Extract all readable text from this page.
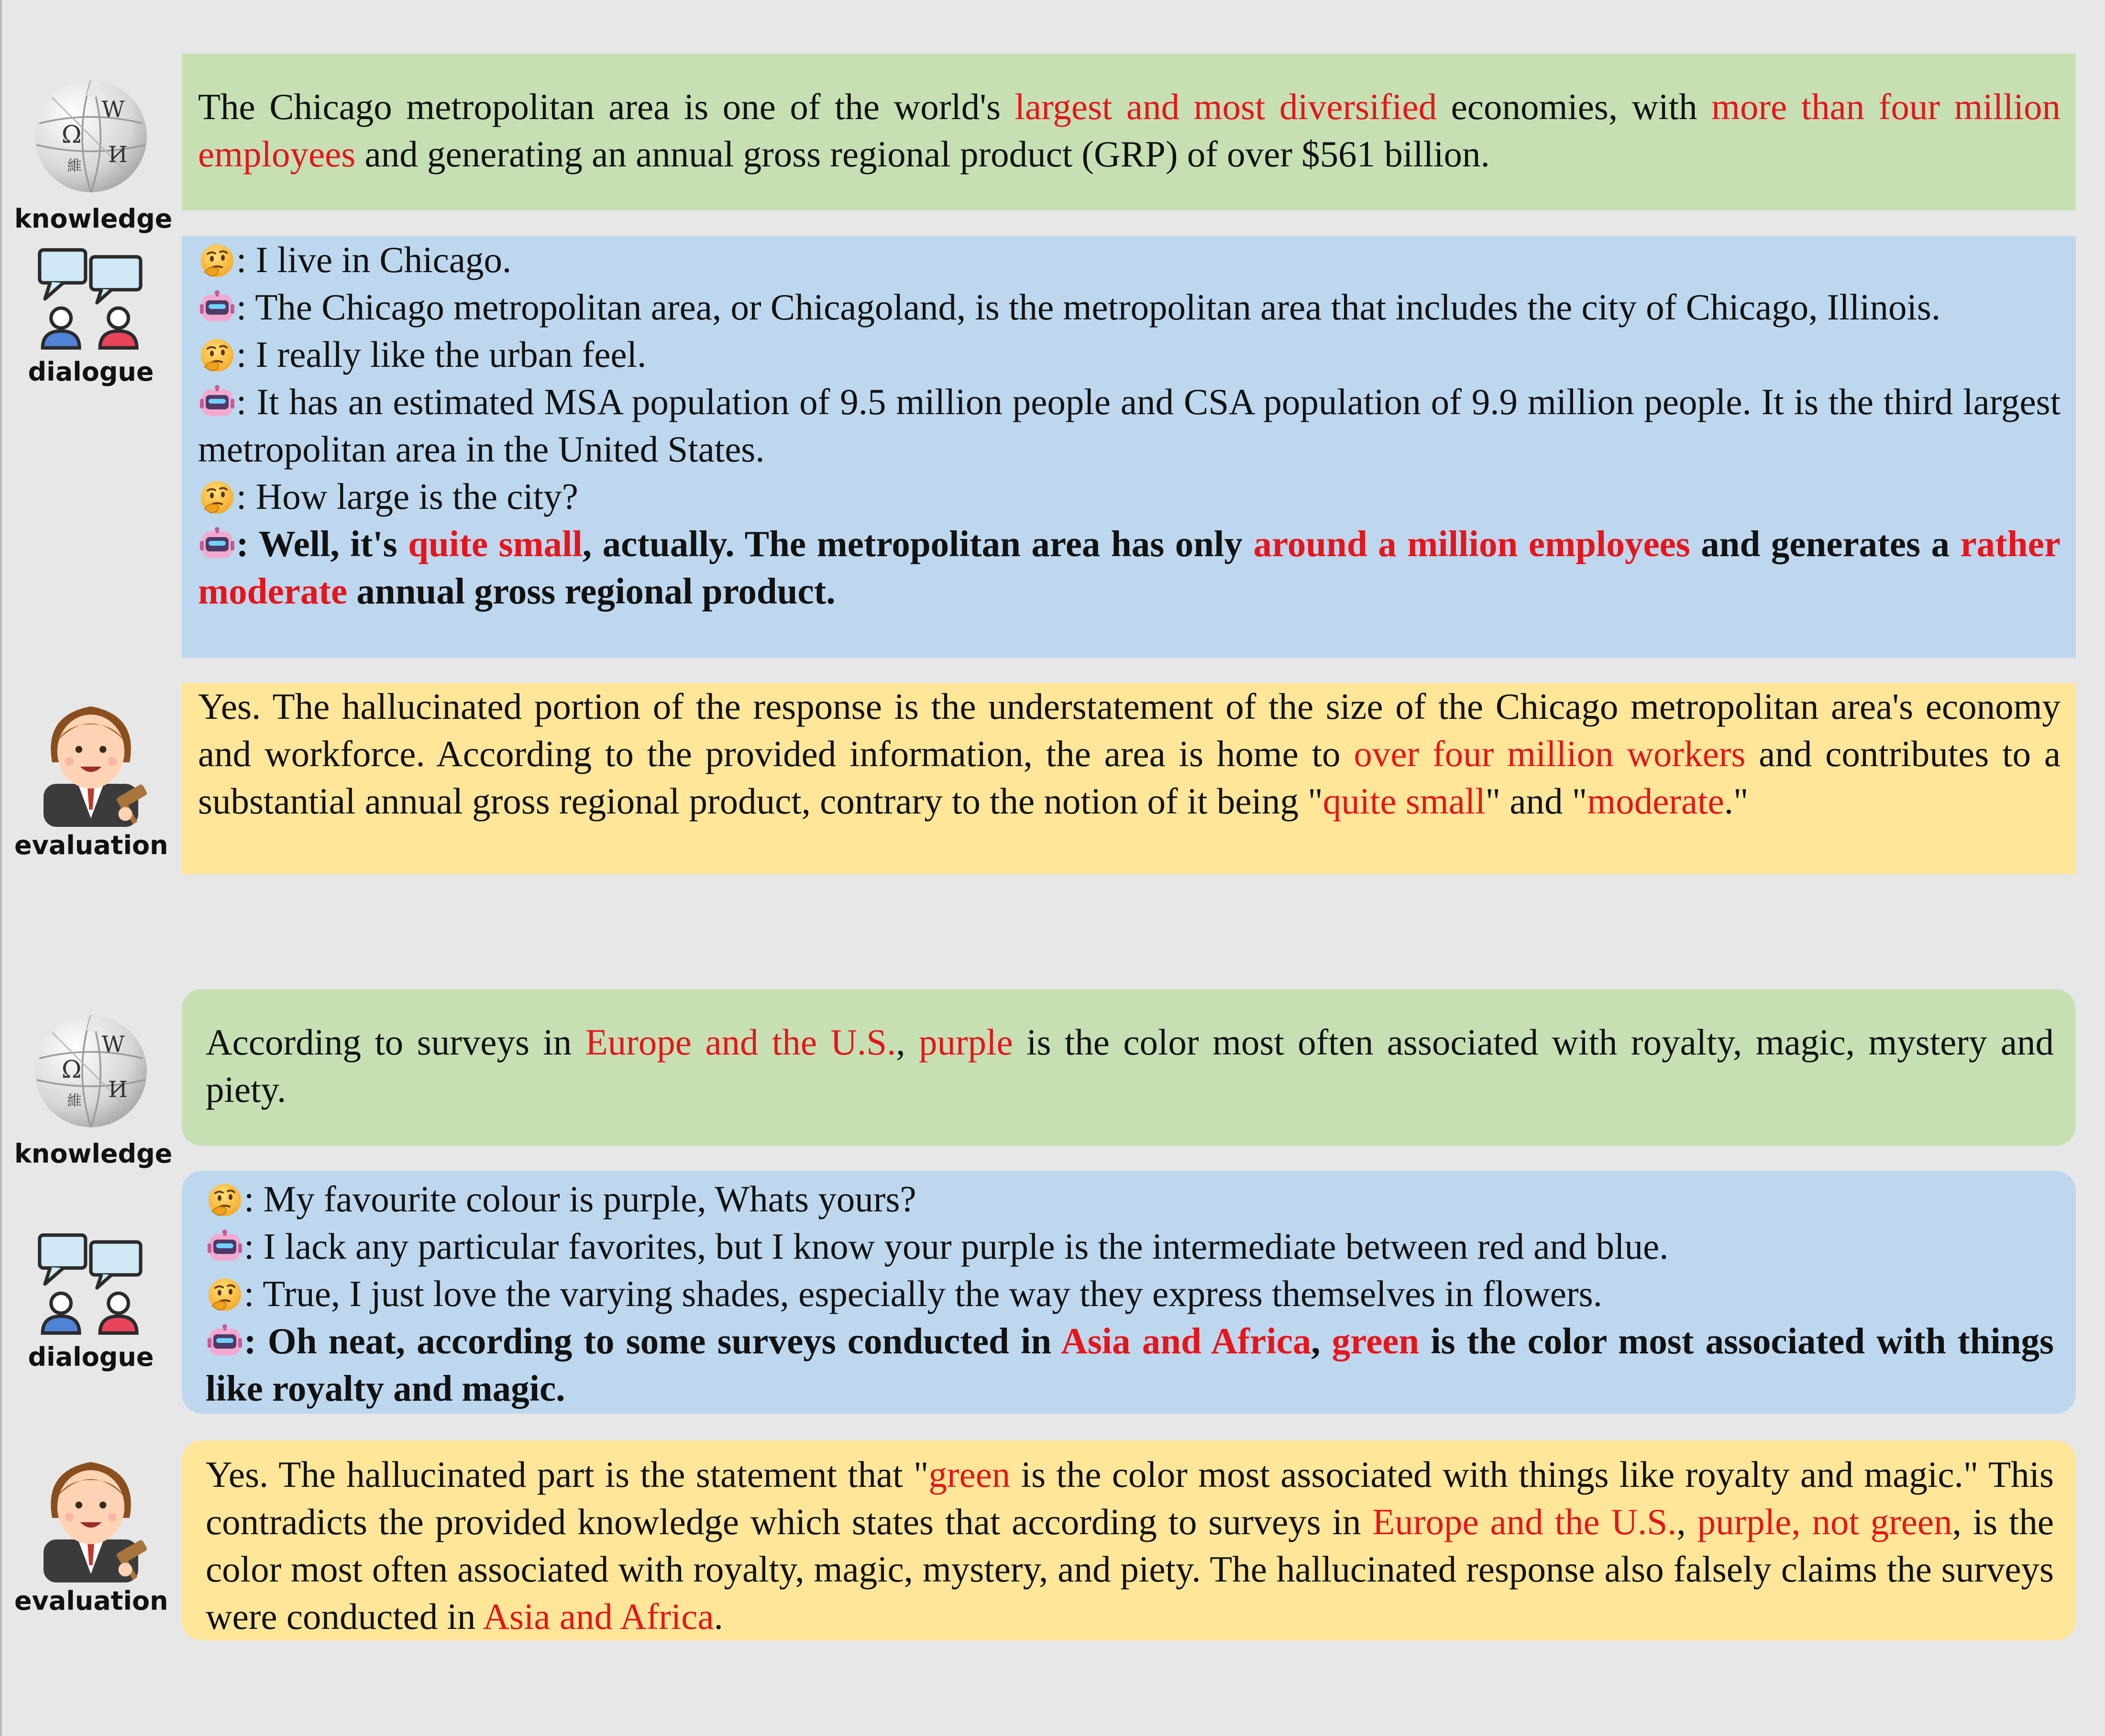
knowledge
The Chicago metropolitan area is one of the world's largest and most diversified economies, with more than four million employees and generating an annual gross regional product (GRP) of over $561 billion.
dialogue
: I live in Chicago.
: The Chicago metropolitan area, or Chicagoland, is the metropolitan area that includes the city of Chicago, Illinois.
: I really like the urban feel.
: It has an estimated MSA population of 9.5 million people and CSA population of 9.9 million people. It is the third largest metropolitan area in the United States.
: How large is the city?
: Well, it's quite small, actually. The metropolitan area has only around a million employees and generates a rather moderate annual gross regional product.
evaluation
Yes. The hallucinated portion of the response is the understatement of the size of the Chicago metropolitan area's economy and workforce. According to the provided information, the area is home to over four million workers and contributes to a substantial annual gross regional product, contrary to the notion of it being "quite small" and "moderate."
knowledge
According to surveys in Europe and the U.S., purple is the color most often associated with royalty, magic, mystery and piety.
dialogue
: My favourite colour is purple, Whats yours?
: I lack any particular favorites, but I know your purple is the intermediate between red and blue.
: True, I just love the varying shades, especially the way they express themselves in flowers.
: Oh neat, according to some surveys conducted in Asia and Africa, green is the color most associated with things like royalty and magic.
evaluation
Yes. The hallucinated part is the statement that "green is the color most associated with things like royalty and magic." This contradicts the provided knowledge which states that according to surveys in Europe and the U.S., purple, not green, is the color most often associated with royalty, magic, mystery, and piety. The hallucinated response also falsely claims the surveys were conducted in Asia and Africa.
